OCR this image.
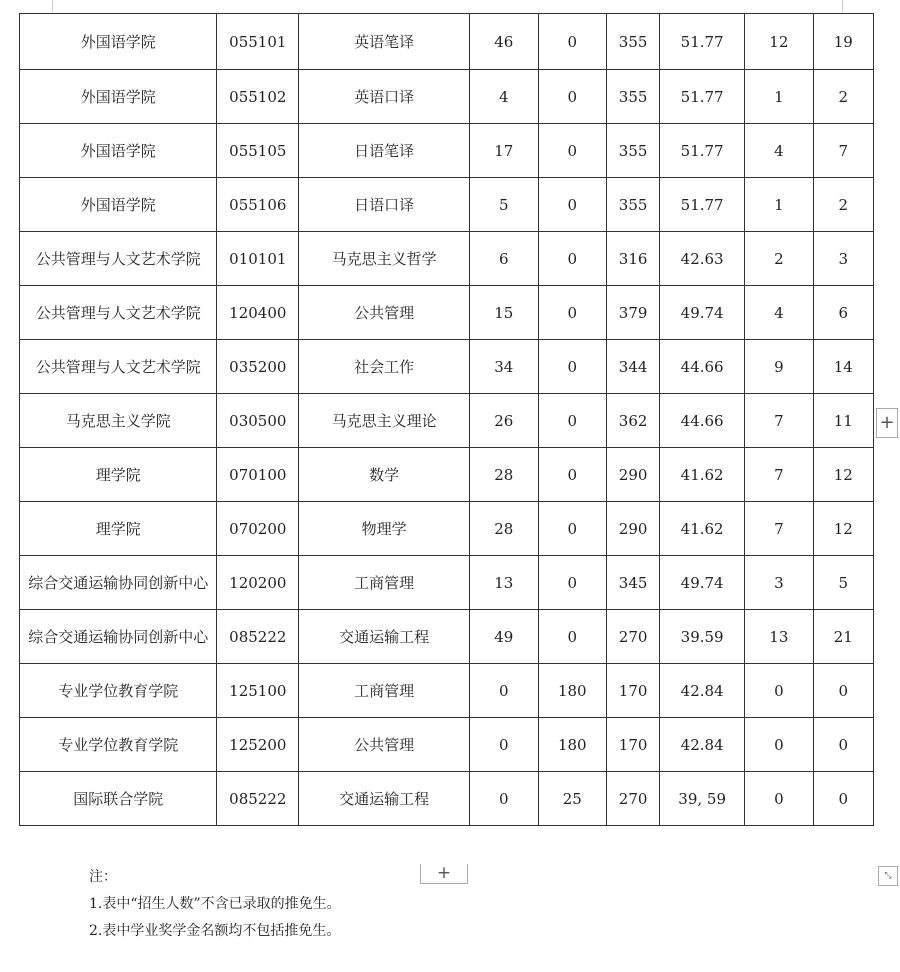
外国语学院	055101	英语笔译	46	0	355	51.77	12	19
外国语学院	055102	英语口译	4	0	355	51.77	1	2
外国语学院	055105	日语笔译	17	0	355	51.77	4	7
外国语学院	055106	日语口译	5	0	355	51.77	1	2
公共管理与人文艺术学院	010101	马克思主义哲学	6	0	316	42.63	2	3
公共管理与人文艺术学院	120400	公共管理	15	0	379	49.74	4	6
公共管理与人文艺术学院	035200	社会工作	34	0	344	44.66	9	14
马克思主义学院	030500	马克思主义理论	26	0	362	44.66	7	11
理学院	070100	数学	28	0	290	41.62	7	12
理学院	070200	物理学	28	0	290	41.62	7	12
综合交通运输协同创新中心	120200	工商管理	13	0	345	49.74	3	5
综合交通运输协同创新中心	085222	交通运输工程	49	0	270	39.59	13	21
专业学位教育学院	125100	工商管理	0	180	170	42.84	0	0
专业学位教育学院	125200	公共管理	0	180	170	42.84	0	0
国际联合学院	085222	交通运输工程	0	25	270	39, 59	0	0
+
+	⤡
注：
1.表中“招生人数”不含已录取的推免生。
2.表中学业奖学金名额均不包括推免生。
